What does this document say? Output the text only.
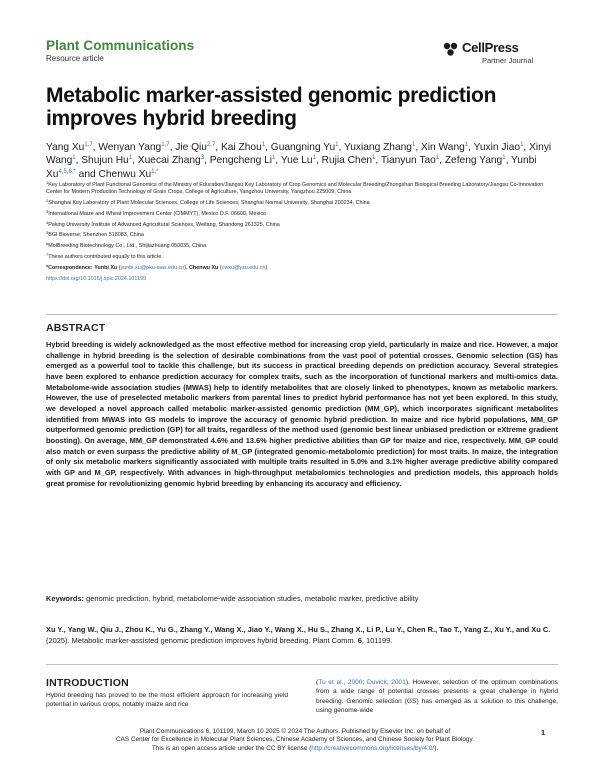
Plant Communications
Resource article
CellPress
Partner Journal
Metabolic marker-assisted genomic prediction improves hybrid breeding
Yang Xu$^{1,7}$, Wenyan Yang$^{1,7}$, Jie Qiu$^{2,7}$, Kai Zhou$^1$, Guangning Yu$^1$, Yuxiang Zhang$^1$, Xin Wang$^1$, Yuxin Jiao$^1$, Xinyi Wang$^1$, Shujun Hu$^1$, Xuecai Zhang$^3$, Pengcheng Li$^1$, Yue Lu$^1$, Rujia Chen$^1$, Tianyun Tao$^1$, Zefeng Yang$^1$, Yunbi $Xu^{4,5,6,*}$ and Chenwu $Xu^{1,*}$

$^1$Key Laboratory of Plant Functional Genomics of the Ministry of Education/Jiangsu Key Laboratory of Crop Genomics and Molecular Breeding/Zhongshan Biological Breeding Laboratory/Jiangsu Co-Innovation Center for Modern Production Technology of Grain Crops, College of Agriculture, Yangzhou University, Yangzhou 225009, China

$^2$Shanghai Key Laboratory of Plant Molecular Sciences, College of Life Sciences, Shanghai Normal University, Shanghai 200234, China

$^3$International Maize and Wheat Improvement Center (CIMMYT), Mexico D.F. 06600, Mexico

$^4$Peking University Institute of Advanced Agricultural Sciences, Weifang, Shandong 261325, China

$^5$BGI Bioverse, Shenzhen 518083, China

$^6$MolBreeding Biotechnology Co., Ltd., Shijiazhuang 050035, China

$^7$These authors contributed equally to this article.

*Correspondence: Yunbi Xu (yunbi.xu@pku-iaas.edu.cn), Chenwu Xu (cwxu@yzu.edu.cn)

https://doi.org/10.1016/j.xplc.2024.101199

ABSTRACT

Hybrid breeding is widely acknowledged as the most effective method for increasing crop yield, particularly in maize and rice. However, a major challenge in hybrid breeding is the selection of desirable combinations from the vast pool of potential crosses. Genomic selection (GS) has emerged as a powerful tool to tackle this challenge, but its success in practical breeding depends on prediction accuracy. Several strategies have been explored to enhance prediction accuracy for complex traits, such as the incorporation of functional markers and multi-omics data. Metabolome-wide association studies (MWAS) help to identify metabolites that are closely linked to phenotypes, known as metabolic markers. However, the use of preselected metabolic markers from parental lines to predict hybrid performance has not yet been explored. In this study, we developed a novel approach called metabolic marker-assisted genomic prediction (MM_GP), which incorporates significant metabolites identified from MWAS into GS models to improve the accuracy of genomic hybrid prediction. In maize and rice hybrid populations, MM_GP outperformed genomic prediction (GP) for all traits, regardless of the method used (genomic best linear unbiased prediction or eXtreme gradient boosting). On average, MM_GP demonstrated 4.6% and 13.6% higher predictive abilities than GP for maize and rice, respectively. MM_GP could also match or even surpass the predictive ability of M_GP (integrated genomic-metabolomic prediction) for most traits. In maize, the integration of only six metabolic markers significantly associated with multiple traits resulted in 5.0% and 3.1% higher average predictive ability compared with GP and M_GP, respectively. With advances in high-throughput metabolomics technologies and prediction models, this approach holds great promise for revolutionizing genomic hybrid breeding by enhancing its accuracy and efficiency.

Keywords: genomic prediction, hybrid, metabolome-wide association studies, metabolic marker, predictive ability

Xu Y., Yang W., Qiu J., Zhou K., Yu G., Zhang Y., Wang X., Jiao Y., Wang X., Hu S., Zhang X., Li P., Lu Y., Chen R., Tao T., Yang Z., Xu Y., and Xu C. (2025). Metabolic marker-assisted genomic prediction improves hybrid breeding. Plant Comm. 6, 101199.

INTRODUCTION

Hybrid breeding has proved to be the most efficient approach for increasing yield potential in various crops, notably maize and rice

(Tu et al., 2000; Duvick, 2001). However, selection of the optimum combinations from a wide range of potential crosses presents a great challenge in hybrid breeding. Genomic selection (GS) has emerged as a solution to this challenge, using genome-wide

Plant Communications 6, 101199, March 10 2025 © 2024 The Authors. Published by Elsevier Inc. on behalf of
CAS Center for Excellence in Molecular Plant Sciences, Chinese Academy of Sciences, and Chinese Society for Plant Biology.
This is an open access article under the CC BY license (http://creativecommons.org/licenses/by/4.0/).

1
